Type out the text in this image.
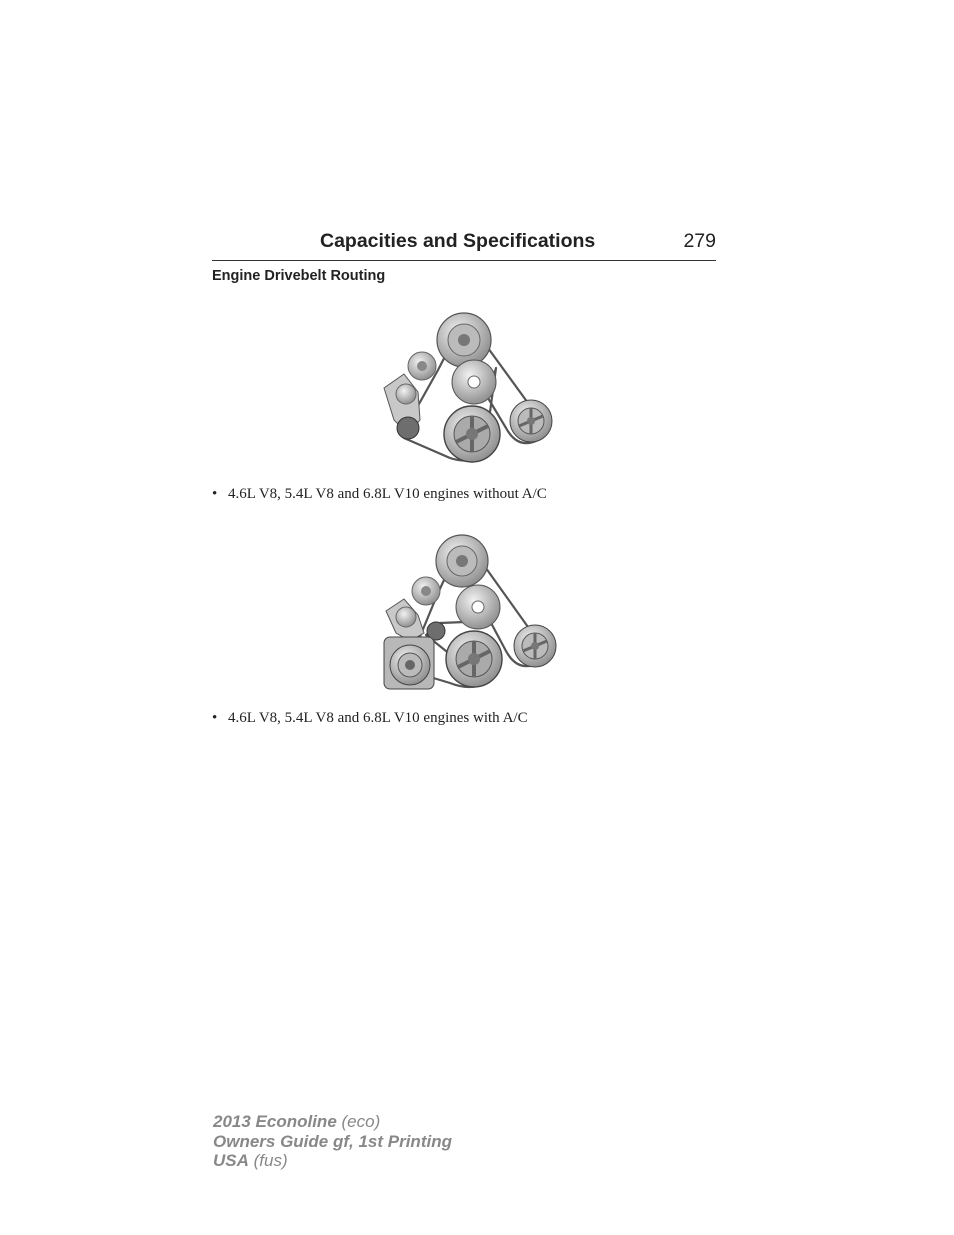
Capacities and Specifications	279
Engine Drivebelt Routing
• 4.6L V8, 5.4L V8 and 6.8L V10 engines without A/C
• 4.6L V8, 5.4L V8 and 6.8L V10 engines with A/C
2013 Econoline (eco)
Owners Guide gf, 1st Printing
USA (fus)
